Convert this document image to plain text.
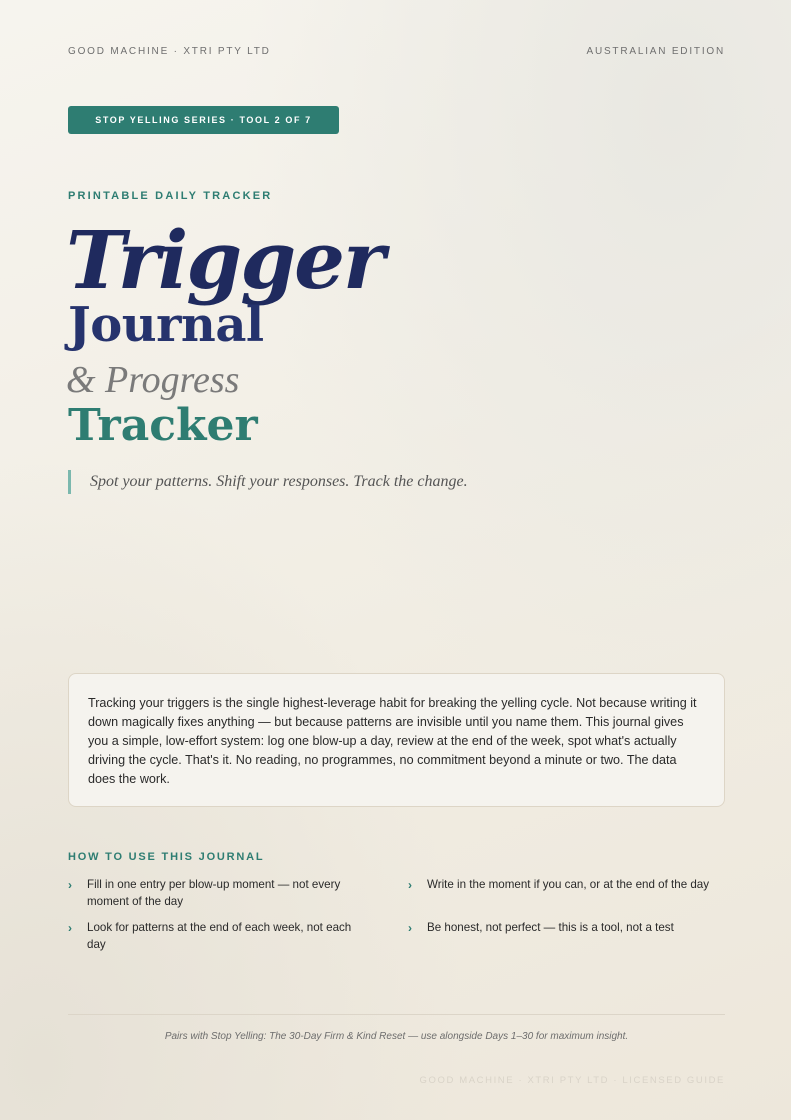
GOOD MACHINE · XTRI PTY LTD	AUSTRALIAN EDITION
STOP YELLING SERIES · TOOL 2 OF 7
PRINTABLE DAILY TRACKER
Trigger
Journal
& Progress
Tracker
Spot your patterns. Shift your responses. Track the change.
Tracking your triggers is the single highest-leverage habit for breaking the yelling cycle. Not because writing it down magically fixes anything — but because patterns are invisible until you name them. This journal gives you a simple, low-effort system: log one blow-up a day, review at the end of the week, spot what's actually driving the cycle. That's it. No reading, no programmes, no commitment beyond a minute or two. The data does the work.
HOW TO USE THIS JOURNAL
›	Fill in one entry per blow-up moment — not every moment of the day
›	Write in the moment if you can, or at the end of the day
›	Look for patterns at the end of each week, not each day
›	Be honest, not perfect — this is a tool, not a test
Pairs with Stop Yelling: The 30-Day Firm & Kind Reset — use alongside Days 1–30 for maximum insight.
GOOD MACHINE · XTRI PTY LTD · LICENSED GUIDE
